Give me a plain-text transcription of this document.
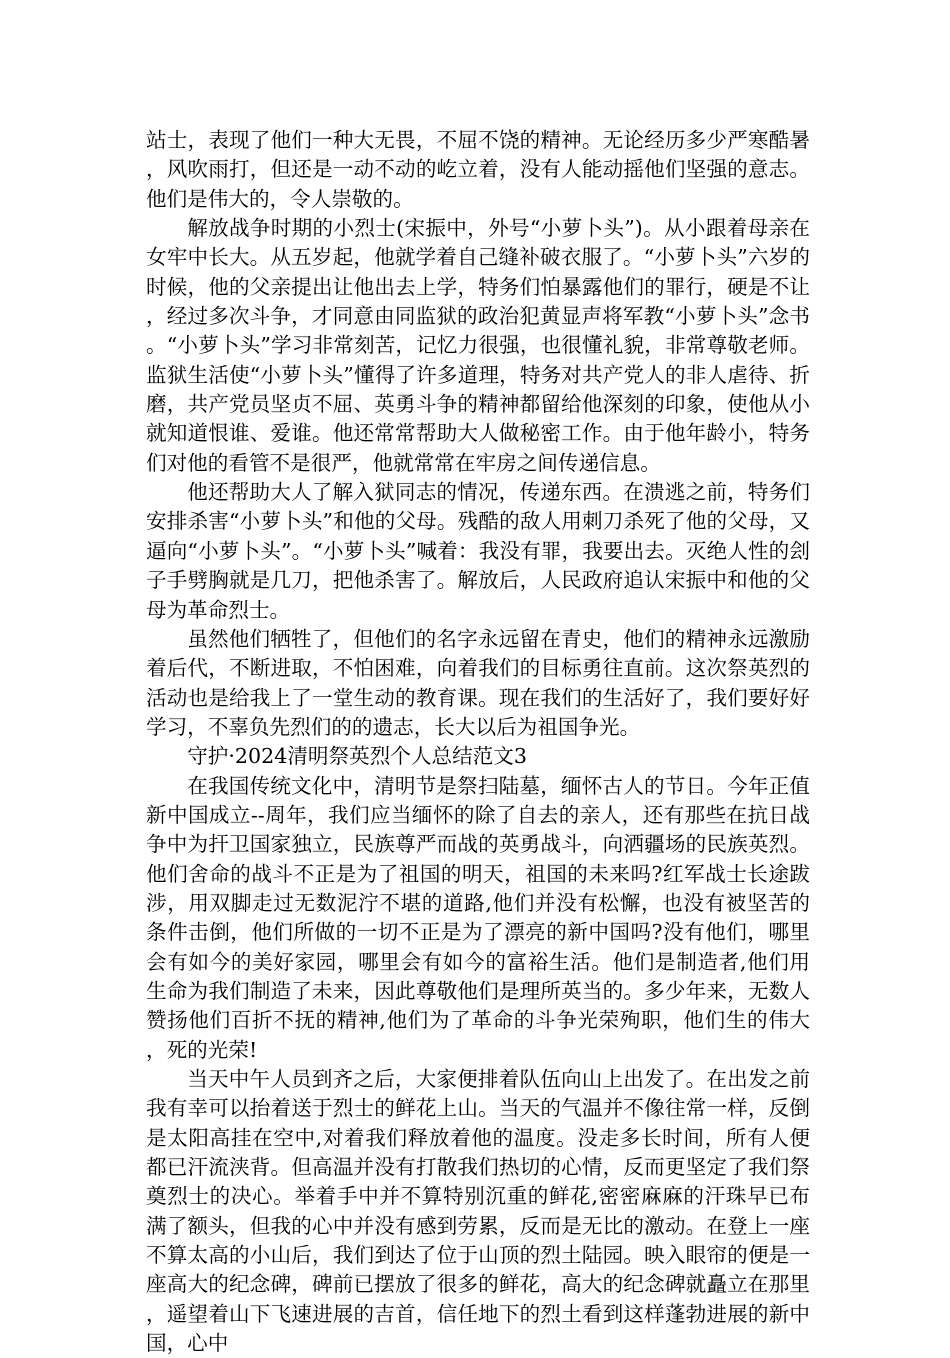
站士，表现了他们一种大无畏，不屈不饶的精神。无论经历多少严寒酷暑，风吹雨打，但还是一动不动的屹立着，没有人能动摇他们坚强的意志。他们是伟大的，令人崇敬的。

解放战争时期的小烈士(宋振中，外号“小萝卜头”)。从小跟着母亲在女牢中长大。从五岁起，他就学着自己缝补破衣服了。“小萝卜头”六岁的时候，他的父亲提出让他出去上学，特务们怕暴露他们的罪行，硬是不让，经过多次斗争，才同意由同监狱的政治犯黄显声将军教“小萝卜头”念书。“小萝卜头”学习非常刻苦，记忆力很强，也很懂礼貌，非常尊敬老师。监狱生活使“小萝卜头”懂得了许多道理，特务对共产党人的非人虐待、折磨，共产党员坚贞不屈、英勇斗争的精神都留给他深刻的印象，使他从小就知道恨谁、爱谁。他还常常帮助大人做秘密工作。由于他年龄小，特务们对他的看管不是很严，他就常常在牢房之间传递信息。

他还帮助大人了解入狱同志的情况，传递东西。在溃逃之前，特务们安排杀害“小萝卜头”和他的父母。残酷的敌人用刺刀杀死了他的父母，又逼向“小萝卜头”。“小萝卜头”喊着：我没有罪，我要出去。灭绝人性的刽子手劈胸就是几刀，把他杀害了。解放后，人民政府追认宋振中和他的父母为革命烈士。

虽然他们牺牲了，但他们的名字永远留在青史，他们的精神永远激励着后代，不断进取，不怕困难，向着我们的目标勇往直前。这次祭英烈的活动也是给我上了一堂生动的教育课。现在我们的生活好了，我们要好好学习，不辜负先烈们的的遗志，长大以后为祖国争光。

守护·2024清明祭英烈个人总结范文3

在我国传统文化中，清明节是祭扫陆墓，缅怀古人的节日。今年正值新中国成立--周年，我们应当缅怀的除了自去的亲人，还有那些在抗日战争中为扞卫国家独立，民族尊严而战的英勇战斗，向洒疆场的民族英烈。他们舍命的战斗不正是为了祖国的明天，祖国的未来吗?红军战士长途跋涉，用双脚走过无数泥泞不堪的道路,他们并没有松懈，也没有被坚苦的条件击倒，他们所做的一切不正是为了漂亮的新中国吗?没有他们，哪里会有如今的美好家园，哪里会有如今的富裕生活。他们是制造者,他们用生命为我们制造了未来，因此尊敬他们是理所英当的。多少年来，无数人赞扬他们百折不抚的精神,他们为了革命的斗争光荣殉职，他们生的伟大，死的光荣!

当天中午人员到齐之后，大家便排着队伍向山上出发了。在出发之前我有幸可以抬着送于烈士的鲜花上山。当天的气温并不像往常一样，反倒是太阳高挂在空中,对着我们释放着他的温度。没走多长时间，所有人便都已汗流浃背。但高温并没有打散我们热切的心情，反而更坚定了我们祭奠烈士的决心。举着手中并不算特别沉重的鲜花,密密麻麻的汗珠早已布满了额头，但我的心中并没有感到劳累，反而是无比的激动。在登上一座不算太高的小山后，我们到达了位于山顶的烈土陆园。映入眼帘的便是一座高大的纪念碑，碑前已摆放了很多的鲜花，高大的纪念碑就矗立在那里，遥望着山下飞速进展的吉首，信任地下的烈土看到这样蓬勃进展的新中国，心中
